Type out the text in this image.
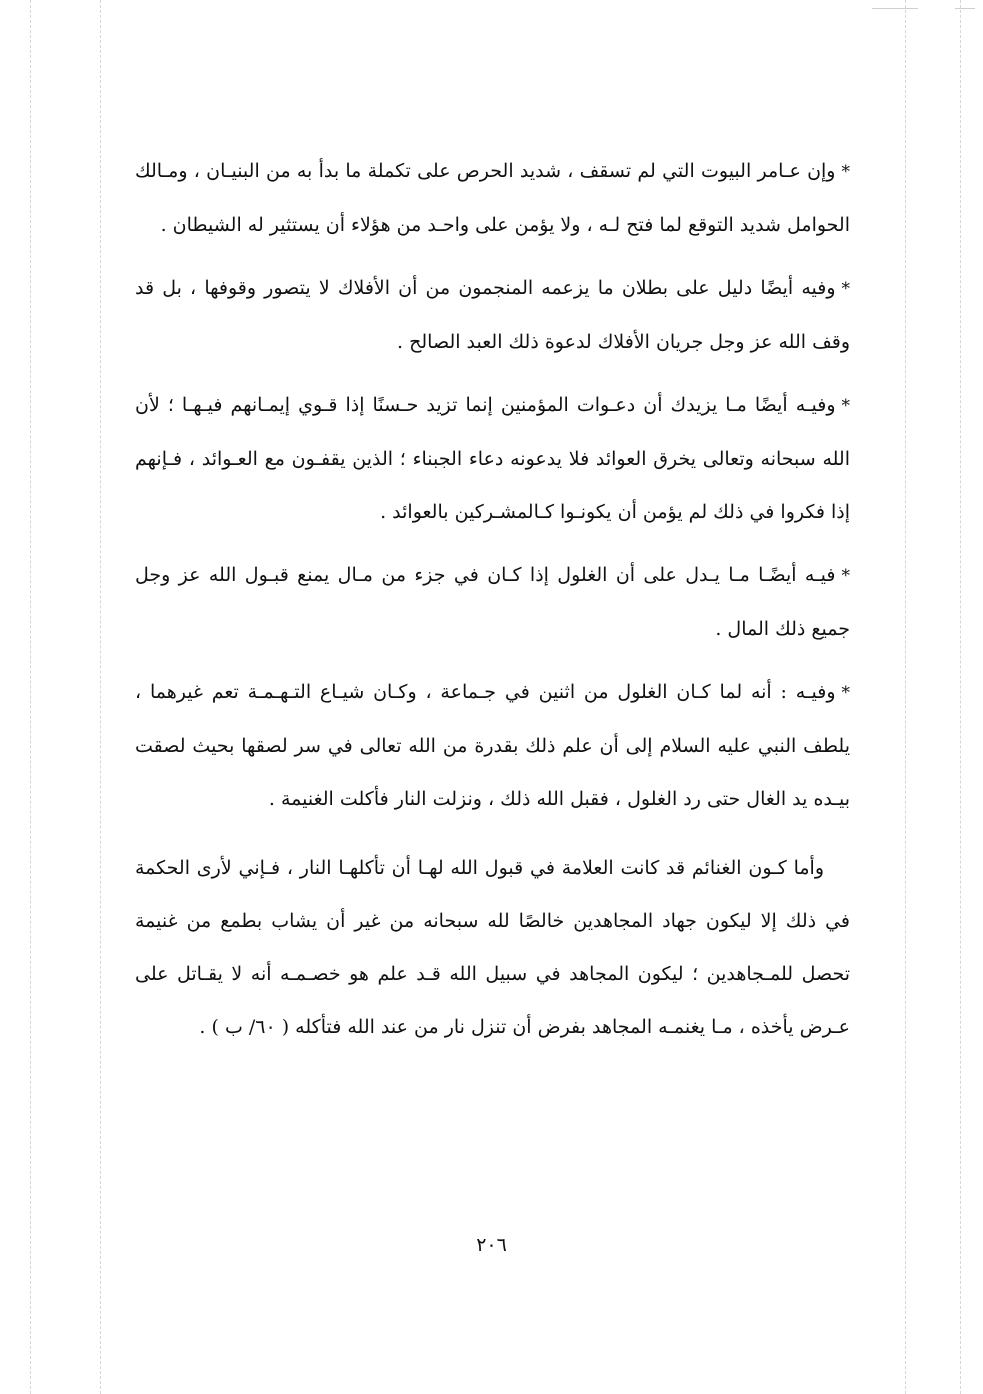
*وإن عـامر البيوت التي لم تسقف ، شديد الحرص على تكملة ما بدأ به من البنيـان ، ومـالك الحوامل شديد التوقع لما فتح لـه ، ولا يؤمن على واحـد من هؤلاء أن يستثير له الشيطان .

*وفيه أيضًا دليل على بطلان ما يزعمه المنجمون من أن الأفلاك لا يتصور وقوفها ، بل قد وقف الله عز وجل جريان الأفلاك لدعوة ذلك العبد الصالح .

*وفيـه أيضًا مـا يزيدك أن دعـوات المؤمنين إنما تزيد حـسنًا إذا قـوي إيمـانهم فيـهـا ؛ لأن الله سبحانه وتعالى يخرق العوائد فلا يدعونه دعاء الجبناء ؛ الذين يقفـون مع العـوائد ، فـإنهم إذا فكروا في ذلك لم يؤمن أن يكونـوا كـالمشـركين بالعوائد .

*فيـه أيضًـا مـا يـدل على أن الغلول إذا كـان في جزء من مـال يمنع قبـول الله عز وجل جميع ذلك المال .

*وفيـه : أنه لما كـان الغلول من اثنين في جـماعة ، وكـان شيـاع التـهـمـة تعم غيرهما ، يلطف النبي عليه السلام إلى أن علم ذلك بقدرة من الله تعالى في سر لصقها بحيث لصقت بيـده يد الغال حتى رد الغلول ، فقبل الله ذلك ، ونزلت النار فأكلت الغنيمة .

وأما كـون الغنائم قد كانت العلامة في قبول الله لهـا أن تأكلهـا النار ، فـإني لأرى الحكمة في ذلك إلا ليكون جهاد المجاهدين خالصًا لله سبحانه من غير أن يشاب بطمع من غنيمة تحصل للمـجاهدين ؛ ليكون المجاهد في سبيل الله قـد علم هو خصـمـه أنه لا يقـاتل على عـرض يأخذه ، مـا يغنمـه المجاهد بفرض أن تنزل نار من عند الله فتأكله ( ٦٠/ ب ) .

٢٠٦
